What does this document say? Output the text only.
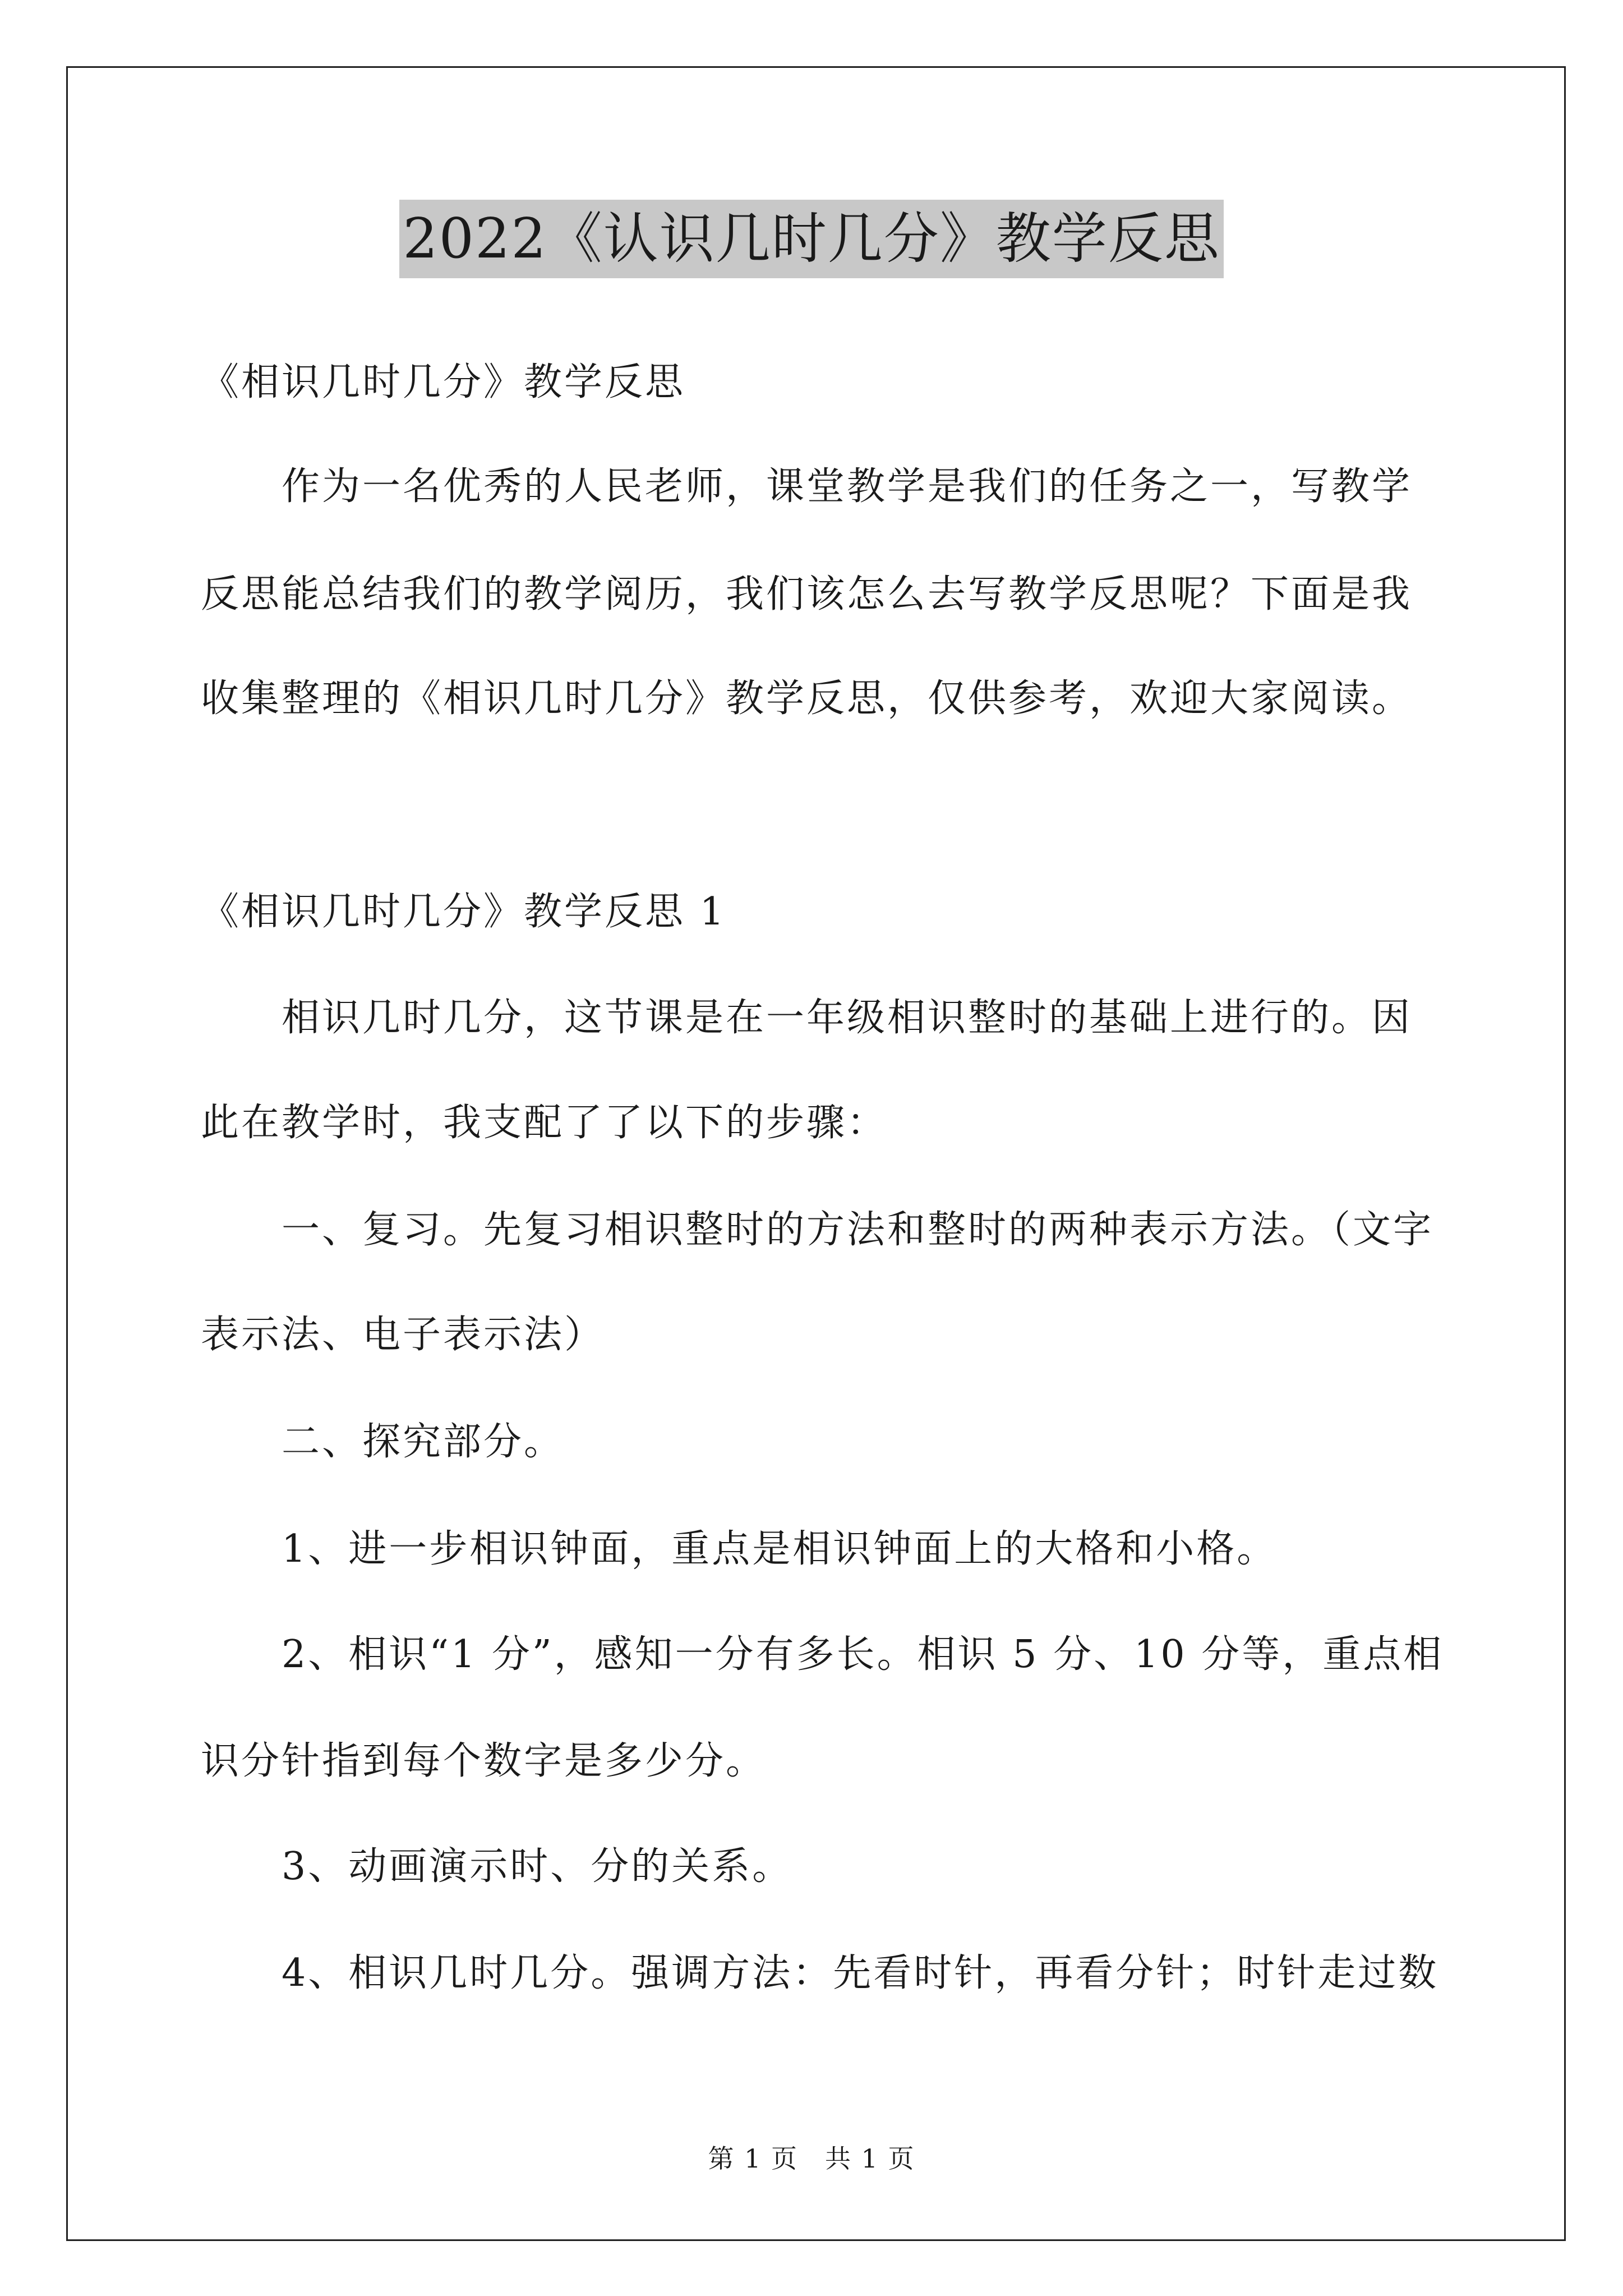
2022《认识几时几分》教学反思
《相识几时几分》教学反思
　　作为一名优秀的人民老师，课堂教学是我们的任务之一，写教学
反思能总结我们的教学阅历，我们该怎么去写教学反思呢？下面是我
收集整理的《相识几时几分》教学反思，仅供参考，欢迎大家阅读。
《相识几时几分》教学反思 1
　　相识几时几分，这节课是在一年级相识整时的基础上进行的。因
此在教学时，我支配了了以下的步骤：
　　一、复习。先复习相识整时的方法和整时的两种表示方法。（文字
表示法、电子表示法）
　　二、探究部分。
　　1、进一步相识钟面，重点是相识钟面上的大格和小格。
　　2、相识“1 分”，感知一分有多长。相识 5 分、10 分等，重点相
识分针指到每个数字是多少分。
　　3、动画演示时、分的关系。
　　4、相识几时几分。强调方法：先看时针，再看分针；时针走过数
第 1 页　共 1 页
